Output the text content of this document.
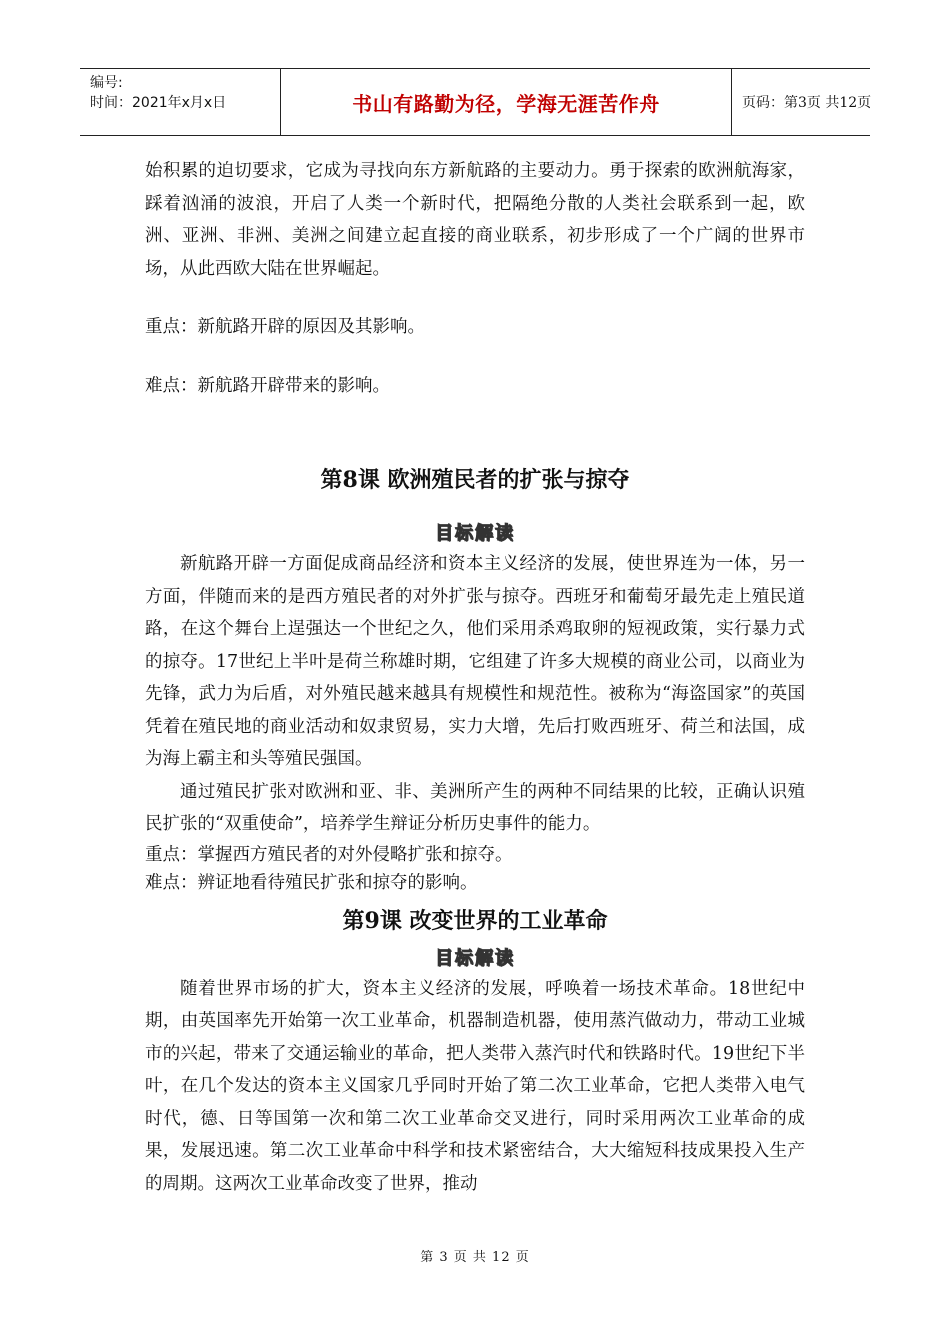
编号:
时间：2021年x月x日	书山有路勤为径，学海无涯苦作舟	页码：第3页 共12页

始积累的迫切要求，它成为寻找向东方新航路的主要动力。勇于探索的欧洲航海家，踩着汹涌的波浪，开启了人类一个新时代，把隔绝分散的人类社会联系到一起，欧洲、亚洲、非洲、美洲之间建立起直接的商业联系，初步形成了一个广阔的世界市场，从此西欧大陆在世界崛起。

重点：新航路开辟的原因及其影响。

难点：新航路开辟带来的影响。

第8课 欧洲殖民者的扩张与掠夺

目标解读

新航路开辟一方面促成商品经济和资本主义经济的发展，使世界连为一体，另一方面，伴随而来的是西方殖民者的对外扩张与掠夺。西班牙和葡萄牙最先走上殖民道路，在这个舞台上逞强达一个世纪之久，他们采用杀鸡取卵的短视政策，实行暴力式的掠夺。17世纪上半叶是荷兰称雄时期，它组建了许多大规模的商业公司，以商业为先锋，武力为后盾，对外殖民越来越具有规模性和规范性。被称为“海盗国家”的英国凭着在殖民地的商业活动和奴隶贸易，实力大增，先后打败西班牙、荷兰和法国，成为海上霸主和头等殖民强国。

通过殖民扩张对欧洲和亚、非、美洲所产生的两种不同结果的比较，正确认识殖民扩张的“双重使命”，培养学生辩证分析历史事件的能力。

重点：掌握西方殖民者的对外侵略扩张和掠夺。

难点：辨证地看待殖民扩张和掠夺的影响。

第9课 改变世界的工业革命

目标解读

随着世界市场的扩大，资本主义经济的发展，呼唤着一场技术革命。18世纪中期，由英国率先开始第一次工业革命，机器制造机器，使用蒸汽做动力，带动工业城市的兴起，带来了交通运输业的革命，把人类带入蒸汽时代和铁路时代。19世纪下半叶，在几个发达的资本主义国家几乎同时开始了第二次工业革命，它把人类带入电气时代，德、日等国第一次和第二次工业革命交叉进行，同时采用两次工业革命的成果，发展迅速。第二次工业革命中科学和技术紧密结合，大大缩短科技成果投入生产的周期。这两次工业革命改变了世界，推动

第 3 页 共 12 页
